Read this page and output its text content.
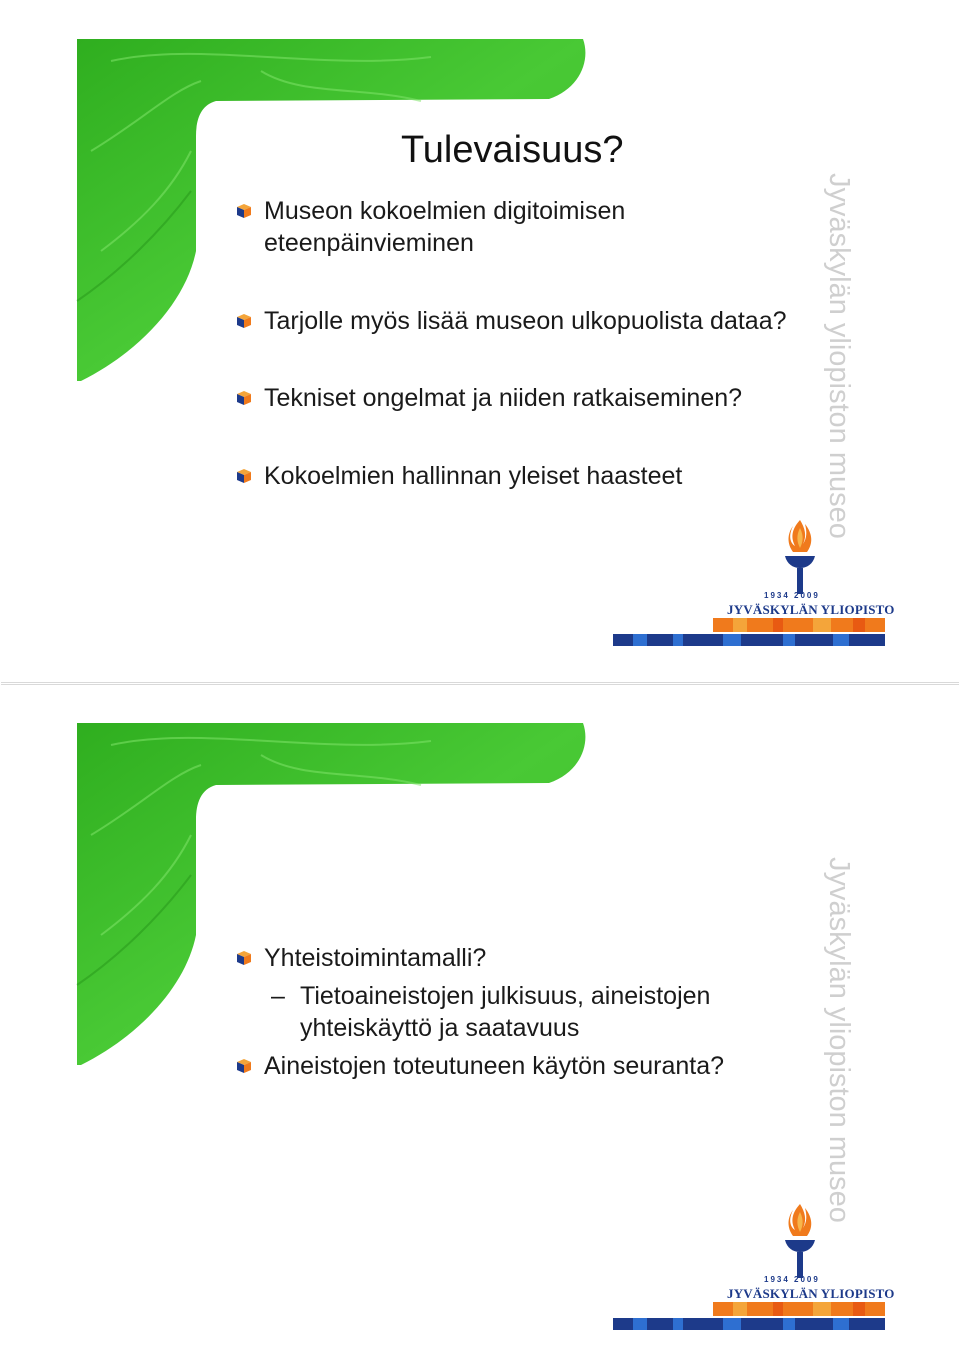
Tulevaisuus?
Museon kokoelmien digitoimisen eteenpäinvieminen
Tarjolle myös lisää museon ulkopuolista dataa?
Tekniset ongelmat ja niiden ratkaiseminen?
Kokoelmien hallinnan yleiset haasteet	Jyväskylän yliopiston museo
1934 2009
JYVÄSKYLÄN YLIOPISTO
Yhteistoimintamalli?
– Tietoaineistojen julkisuus, aineistojen yhteiskäyttö ja saatavuus
Aineistojen toteutuneen käytön seuranta?	Jyväskylän yliopiston museo
1934 2009
JYVÄSKYLÄN YLIOPISTO
